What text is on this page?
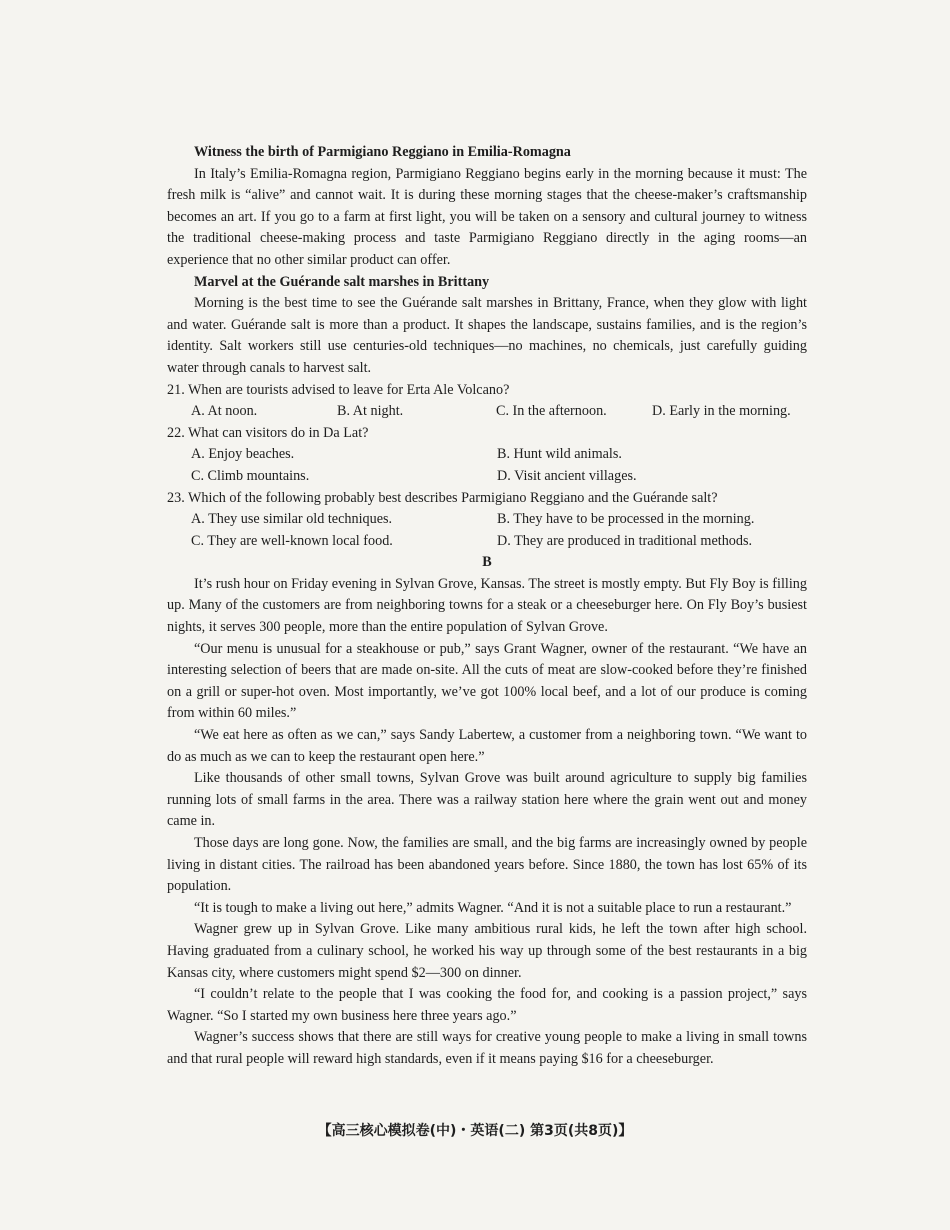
Witness the birth of Parmigiano Reggiano in Emilia-Romagna

In Italy’s Emilia-Romagna region, Parmigiano Reggiano begins early in the morning because it must: The fresh milk is “alive” and cannot wait. It is during these morning stages that the cheese-maker’s craftsmanship becomes an art. If you go to a farm at first light, you will be taken on a sensory and cultural journey to witness the traditional cheese-making process and taste Parmigiano Reggiano directly in the aging rooms—an experience that no other similar product can offer.

Marvel at the Guérande salt marshes in Brittany

Morning is the best time to see the Guérande salt marshes in Brittany, France, when they glow with light and water. Guérande salt is more than a product. It shapes the landscape, sustains families, and is the region’s identity. Salt workers still use centuries-old techniques—no machines, no chemicals, just carefully guiding water through canals to harvest salt.

21. When are tourists advised to leave for Erta Ale Volcano?

A. At noon.	B. At night.	C. In the afternoon.	D. Early in the morning.

22. What can visitors do in Da Lat?

A. Enjoy beaches.	B. Hunt wild animals.
C. Climb mountains.	D. Visit ancient villages.

23. Which of the following probably best describes Parmigiano Reggiano and the Guérande salt?

A. They use similar old techniques.	B. They have to be processed in the morning.
C. They are well-known local food.	D. They are produced in traditional methods.

B

It’s rush hour on Friday evening in Sylvan Grove, Kansas. The street is mostly empty. But Fly Boy is filling up. Many of the customers are from neighboring towns for a steak or a cheeseburger here. On Fly Boy’s busiest nights, it serves 300 people, more than the entire population of Sylvan Grove.

“Our menu is unusual for a steakhouse or pub,” says Grant Wagner, owner of the restaurant. “We have an interesting selection of beers that are made on-site. All the cuts of meat are slow-cooked before they’re finished on a grill or super-hot oven. Most importantly, we’ve got 100% local beef, and a lot of our produce is coming from within 60 miles.”

“We eat here as often as we can,” says Sandy Labertew, a customer from a neighboring town. “We want to do as much as we can to keep the restaurant open here.”

Like thousands of other small towns, Sylvan Grove was built around agriculture to supply big families running lots of small farms in the area. There was a railway station here where the grain went out and money came in.

Those days are long gone. Now, the families are small, and the big farms are increasingly owned by people living in distant cities. The railroad has been abandoned years before. Since 1880, the town has lost 65% of its population.

“It is tough to make a living out here,” admits Wagner. “And it is not a suitable place to run a restaurant.”

Wagner grew up in Sylvan Grove. Like many ambitious rural kids, he left the town after high school. Having graduated from a culinary school, he worked his way up through some of the best restaurants in a big Kansas city, where customers might spend $2—300 on dinner.

“I couldn’t relate to the people that I was cooking the food for, and cooking is a passion project,” says Wagner. “So I started my own business here three years ago.”

Wagner’s success shows that there are still ways for creative young people to make a living in small towns and that rural people will reward high standards, even if it means paying $16 for a cheeseburger.

【高三核心模拟卷(中)・英语(二) 第3页(共8页)】
